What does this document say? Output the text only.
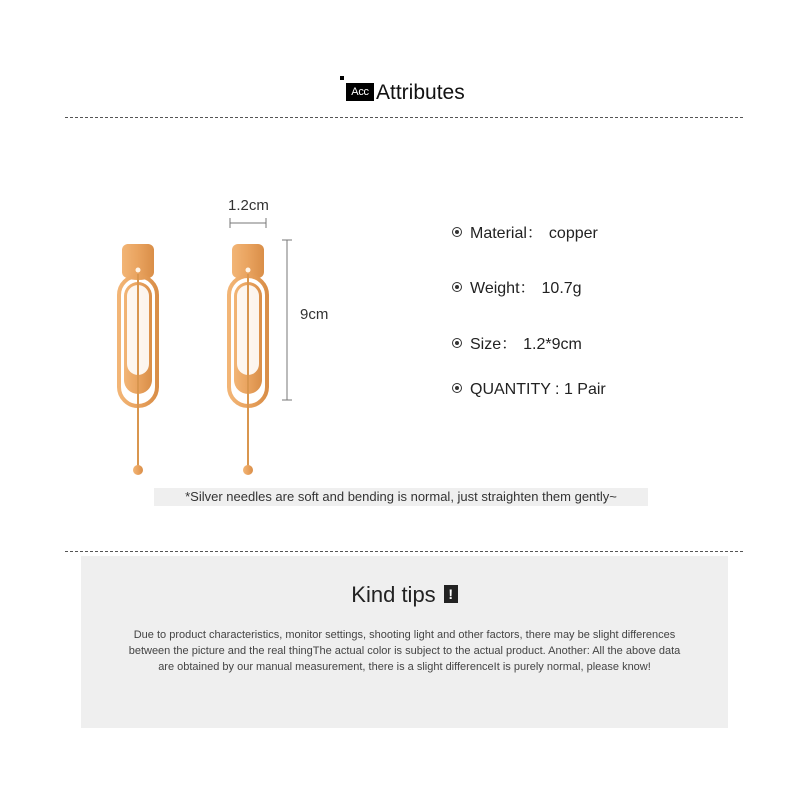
Acc Attributes
1.2cm
9cm
Material： copper
Weight： 10.7g
Size： 1.2*9cm
QUANTITY : 1 Pair
*Silver needles are soft and bending is normal, just straighten them gently~
Kind tips !
Due to product characteristics, monitor settings, shooting light and other factors, there may be slight differences between the picture and the real thingThe actual color is subject to the actual product. Another: All the above data are obtained by our manual measurement, there is a slight differenceIt is purely normal, please know!
